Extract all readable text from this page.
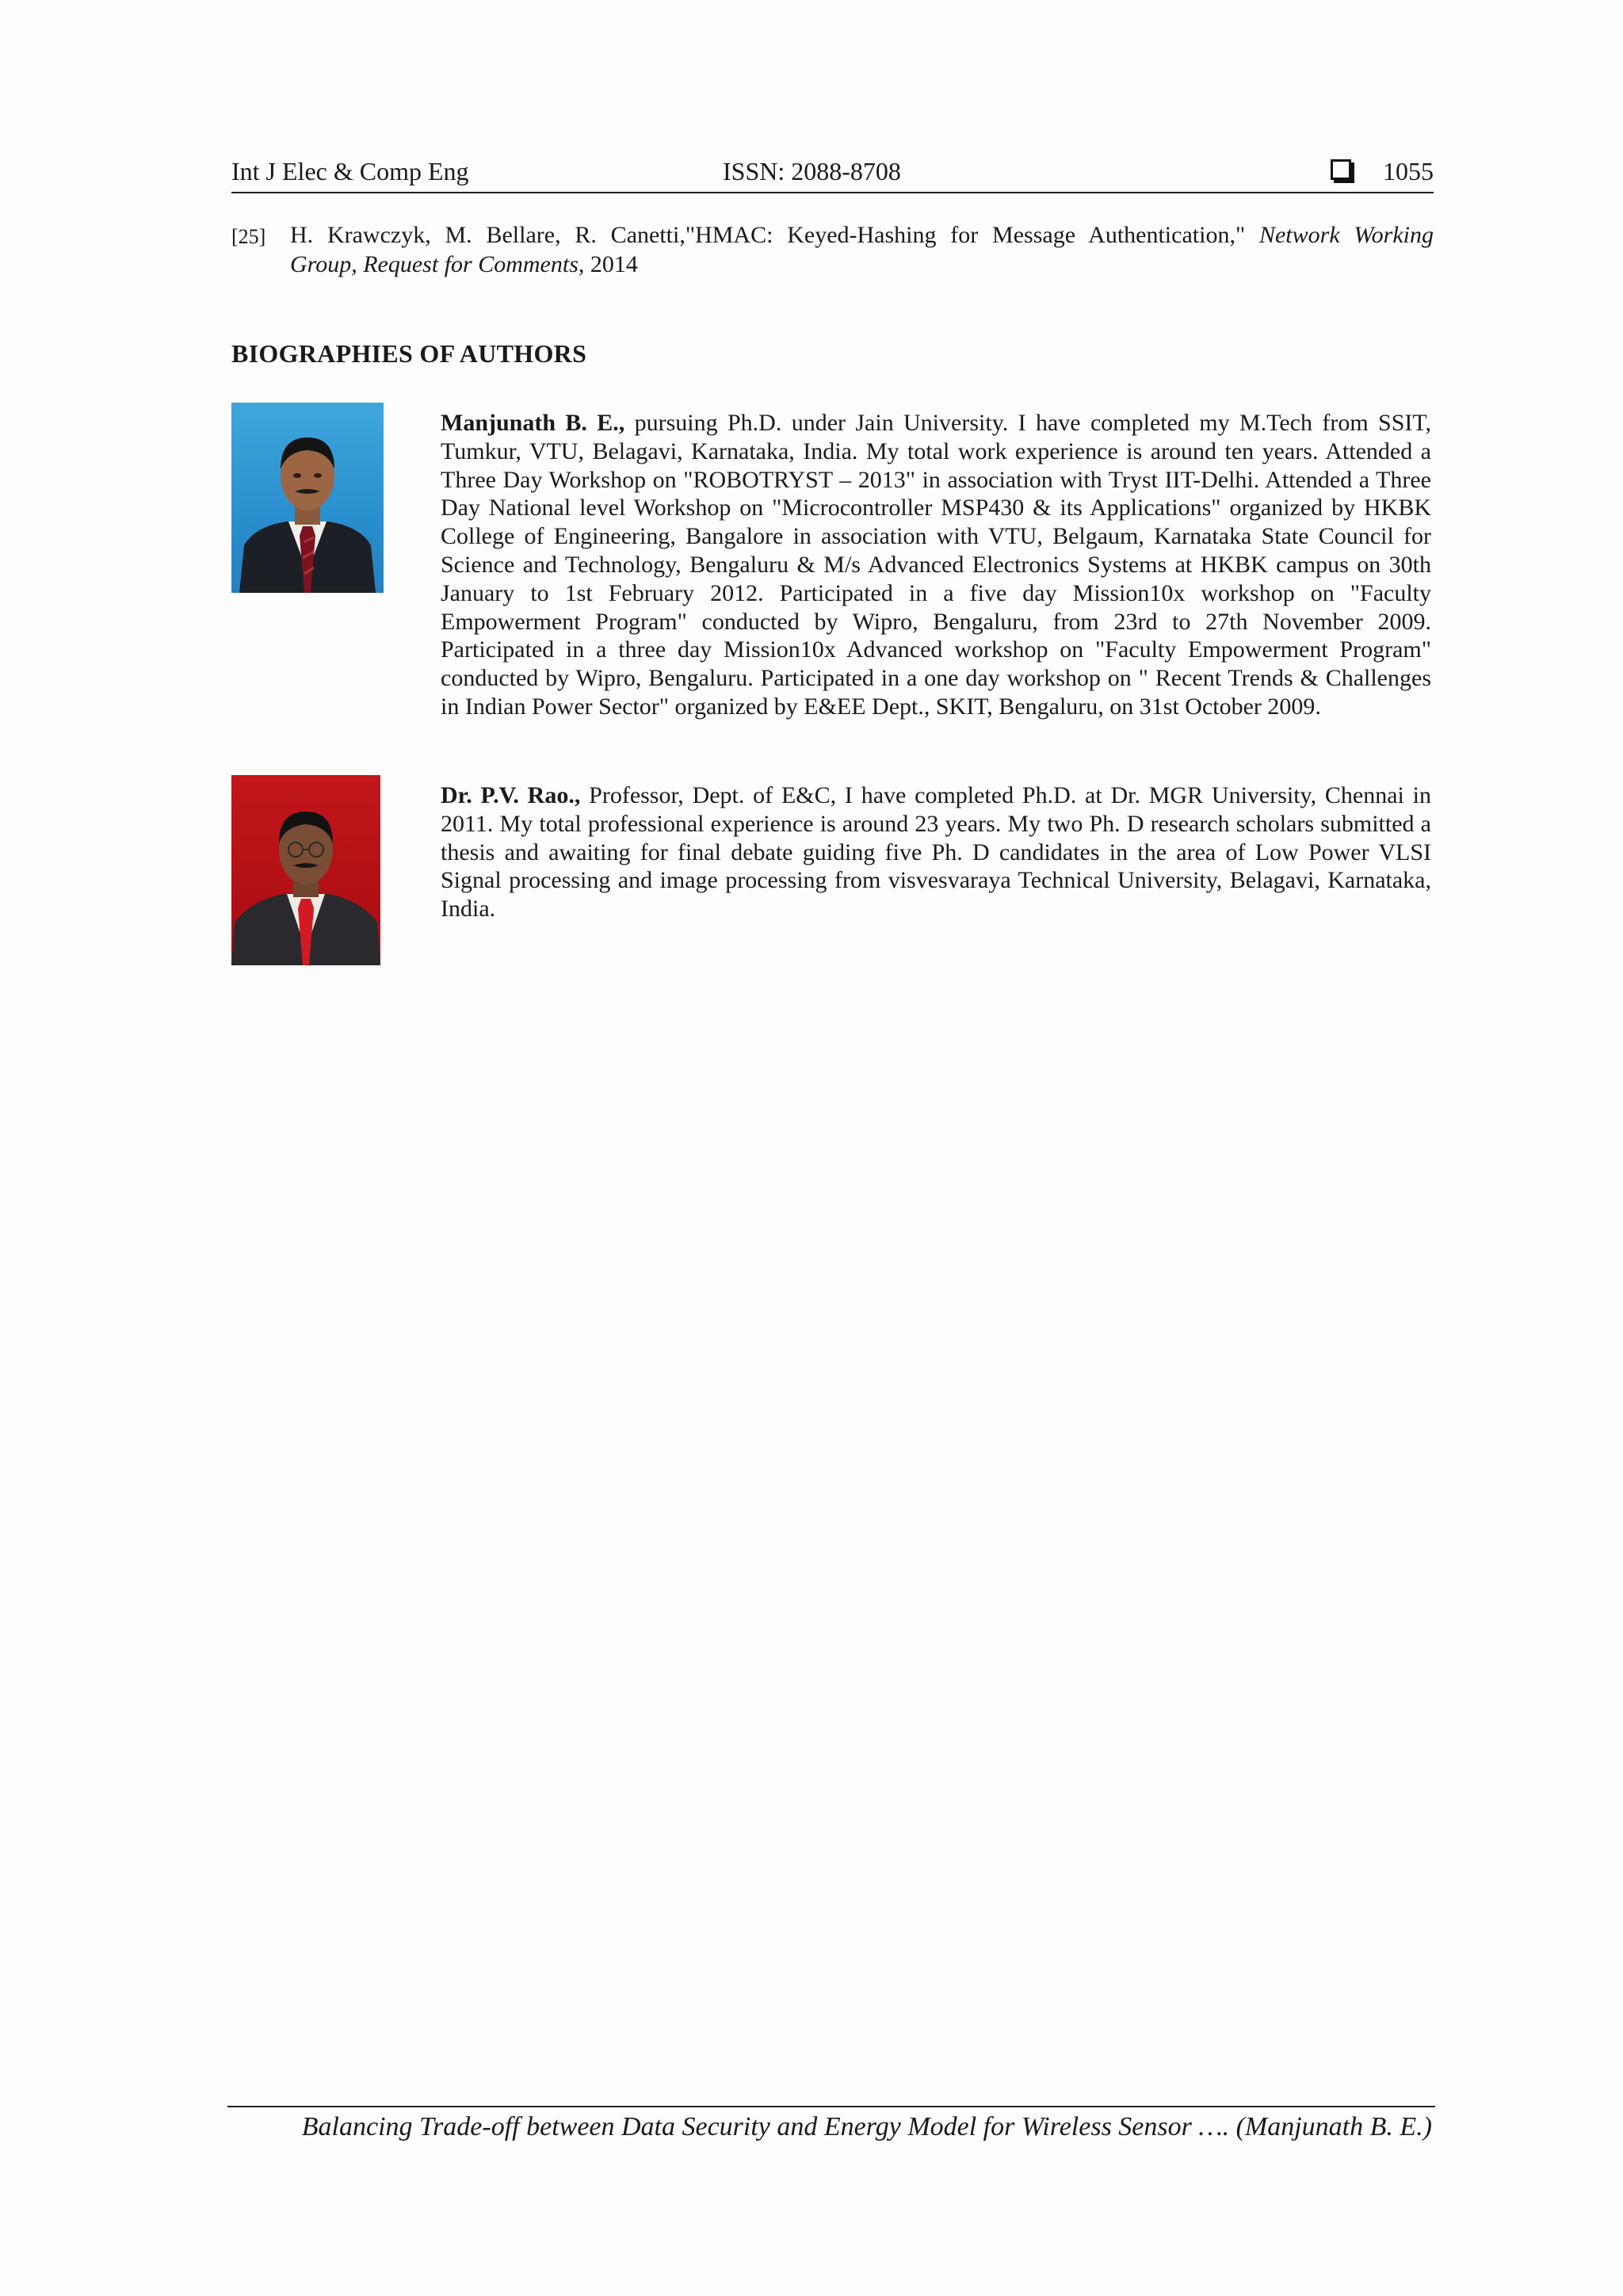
Int J Elec & Comp Eng	ISSN: 2088-8708	1055
[25] H. Krawczyk, M. Bellare, R. Canetti,"HMAC: Keyed-Hashing for Message Authentication," Network Working
Group, Request for Comments, 2014
BIOGRAPHIES OF AUTHORS
Manjunath B. E., pursuing Ph.D. under Jain University. I have completed my M.Tech from SSIT, Tumkur, VTU, Belagavi, Karnataka, India. My total work experience is around ten years. Attended a Three Day Workshop on "ROBOTRYST – 2013" in association with Tryst IIT-Delhi. Attended a Three Day National level Workshop on "Microcontroller MSP430 & its Applications" organized by HKBK College of Engineering, Bangalore in association with VTU, Belgaum, Karnataka State Council for Science and Technology, Bengaluru & M/s Advanced Electronics Systems at HKBK campus on 30th January to 1st February 2012. Participated in a five day Mission10x workshop on "Faculty Empowerment Program" conducted by Wipro, Bengaluru, from 23rd to 27th November 2009. Participated in a three day Mission10x Advanced workshop on "Faculty Empowerment Program" conducted by Wipro, Bengaluru. Participated in a one day workshop on " Recent Trends & Challenges in Indian Power Sector" organized by E&EE Dept., SKIT, Bengaluru, on 31st October 2009.
Dr. P.V. Rao., Professor, Dept. of E&C, I have completed Ph.D. at Dr. MGR University, Chennai in 2011. My total professional experience is around 23 years. My two Ph. D research scholars submitted a thesis and awaiting for final debate guiding five Ph. D candidates in the area of Low Power VLSI Signal processing and image processing from visvesvaraya Technical University, Belagavi, Karnataka, India.
Balancing Trade-off between Data Security and Energy Model for Wireless Sensor …. (Manjunath B. E.)
